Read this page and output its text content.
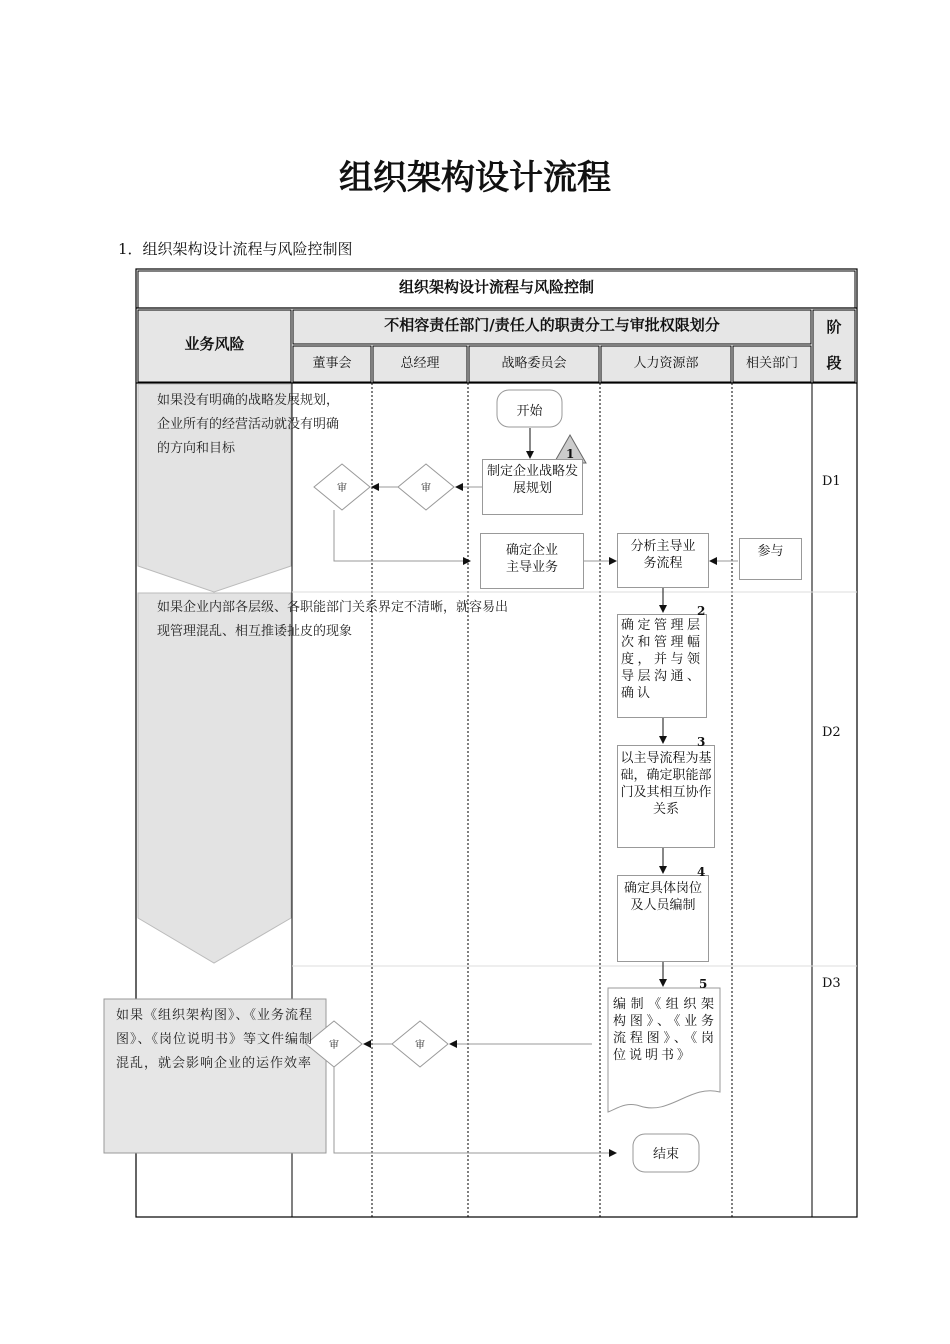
组织架构设计流程
1．组织架构设计流程与风险控制图
组织架构设计流程与风险控制
业务风险
不相容责任部门/责任人的职责分工与审批权限划分	阶
段
董事会	总经理	战略委员会	人力资源部	相关部门
如果没有明确的战略发展规划，企业所有的经营活动就没有明确的方向和目标
如果企业内部各层级、各职能部门关系界定不清晰，就容易出现管理混乱、相互推诿扯皮的现象
如果《组织架构图》、《业务流程图》、《岗位说明书》等文件编制混乱，就会影响企业的运作效率
D1
D2
D3
开始
制定企业战略发展规划
确定企业主导业务
分析主导业务流程
参与
确定管理层次和管理幅度，并与领导层沟通、确认
以主导流程为基础，确定职能部门及其相互协作关系
确定具体岗位及人员编制
编制《组织架构图》、《业务流程图》、《岗位说明书》
结束
审	审
审	审
1
2
3
4
5
